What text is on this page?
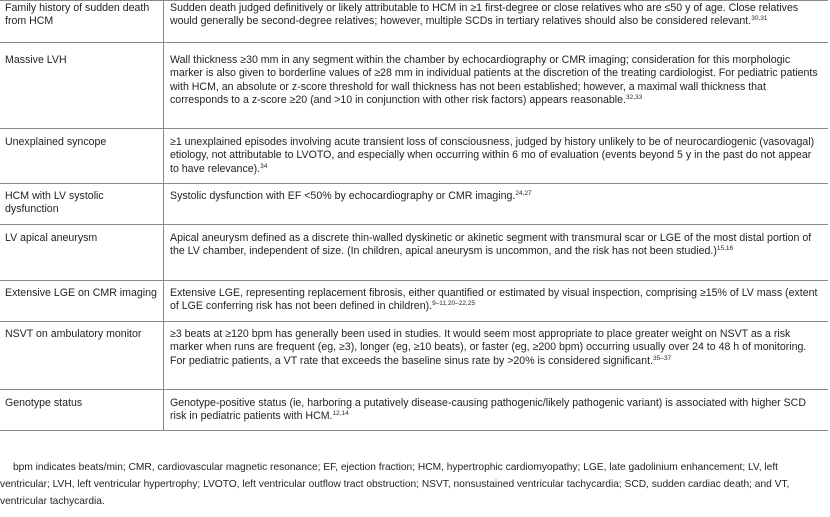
Family history of sudden death from HCM	Sudden death judged definitively or likely attributable to HCM in ≥1 first-degree or close relatives who are ≤50 y of age. Close relatives would generally be second-degree relatives; however, multiple SCDs in tertiary relatives should also be considered relevant.$^{30,31}$
Massive LVH	Wall thickness ≥30 mm in any segment within the chamber by echocardiography or CMR imaging; consideration for this morphologic marker is also given to borderline values of ≥28 mm in individual patients at the discretion of the treating cardiologist. For pediatric patients with HCM, an absolute or z-score threshold for wall thickness has not been established; however, a maximal wall thickness that corresponds to a z-score ≥20 (and >10 in conjunction with other risk factors) appears reasonable.$^{32,33}$
Unexplained syncope	≥1 unexplained episodes involving acute transient loss of consciousness, judged by history unlikely to be of neurocardiogenic (vasovagal) etiology, not attributable to LVOTO, and especially when occurring within 6 mo of evaluation (events beyond 5 y in the past do not appear to have relevance).$^{34}$
HCM with LV systolic dysfunction	Systolic dysfunction with EF <50% by echocardiography or CMR imaging.$^{24,27}$
LV apical aneurysm	Apical aneurysm defined as a discrete thin-walled dyskinetic or akinetic segment with transmural scar or LGE of the most distal portion of the LV chamber, independent of size. (In children, apical aneurysm is uncommon, and the risk has not been studied.)$^{15,16}$
Extensive LGE on CMR imaging	Extensive LGE, representing replacement fibrosis, either quantified or estimated by visual inspection, comprising ≥15% of LV mass (extent of LGE conferring risk has not been defined in children).$^{9-11,20-22,25}$
NSVT on ambulatory monitor	≥3 beats at ≥120 bpm has generally been used in studies. It would seem most appropriate to place greater weight on NSVT as a risk marker when runs are frequent (eg, ≥3), longer (eg, ≥10 beats), or faster (eg, ≥200 bpm) occurring usually over 24 to 48 h of monitoring. For pediatric patients, a VT rate that exceeds the baseline sinus rate by >20% is considered significant.$^{35-37}$
Genotype status	Genotype-positive status (ie, harboring a putatively disease-causing pathogenic/likely pathogenic variant) is associated with higher SCD risk in pediatric patients with HCM.$^{12,14}$
bpm indicates beats/min; CMR, cardiovascular magnetic resonance; EF, ejection fraction; HCM, hypertrophic cardiomyopathy; LGE, late gadolinium enhancement; LV, left ventricular; LVH, left ventricular hypertrophy; LVOTO, left ventricular outflow tract obstruction; NSVT, nonsustained ventricular tachycardia; SCD, sudden cardiac death; and VT, ventricular tachycardia.
